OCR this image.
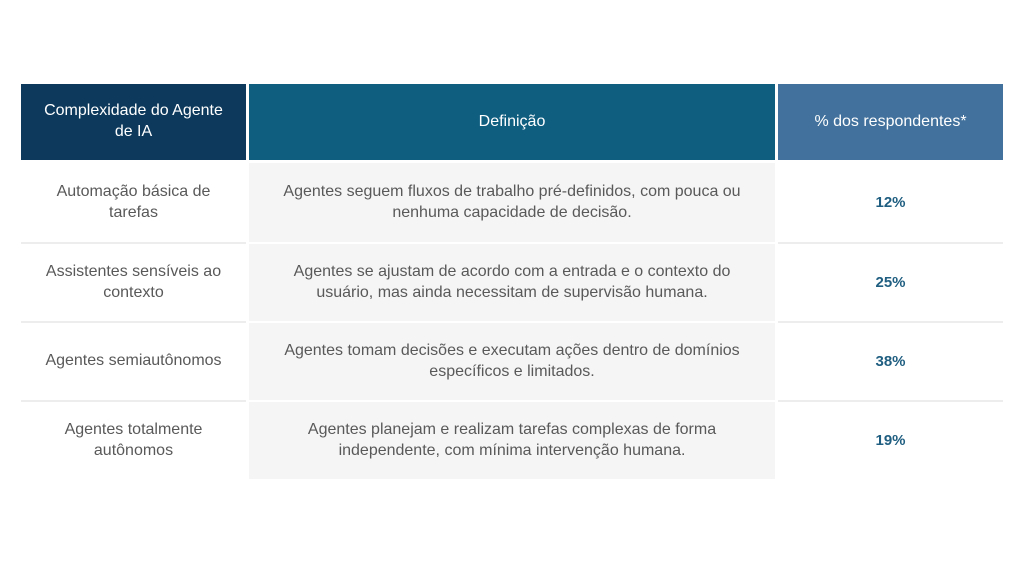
Complexidade do Agente de IA
Definição	% dos respondentes*
Automação básica de tarefas
Agentes seguem fluxos de trabalho pré-definidos, com pouca ou nenhuma capacidade de decisão.
12%
Assistentes sensíveis ao contexto
Agentes se ajustam de acordo com a entrada e o contexto do usuário, mas ainda necessitam de supervisão humana.
25%
Agentes semiautônomos
Agentes tomam decisões e executam ações dentro de domínios específicos e limitados.
38%
Agentes totalmente autônomos
Agentes planejam e realizam tarefas complexas de forma independente, com mínima intervenção humana.
19%
